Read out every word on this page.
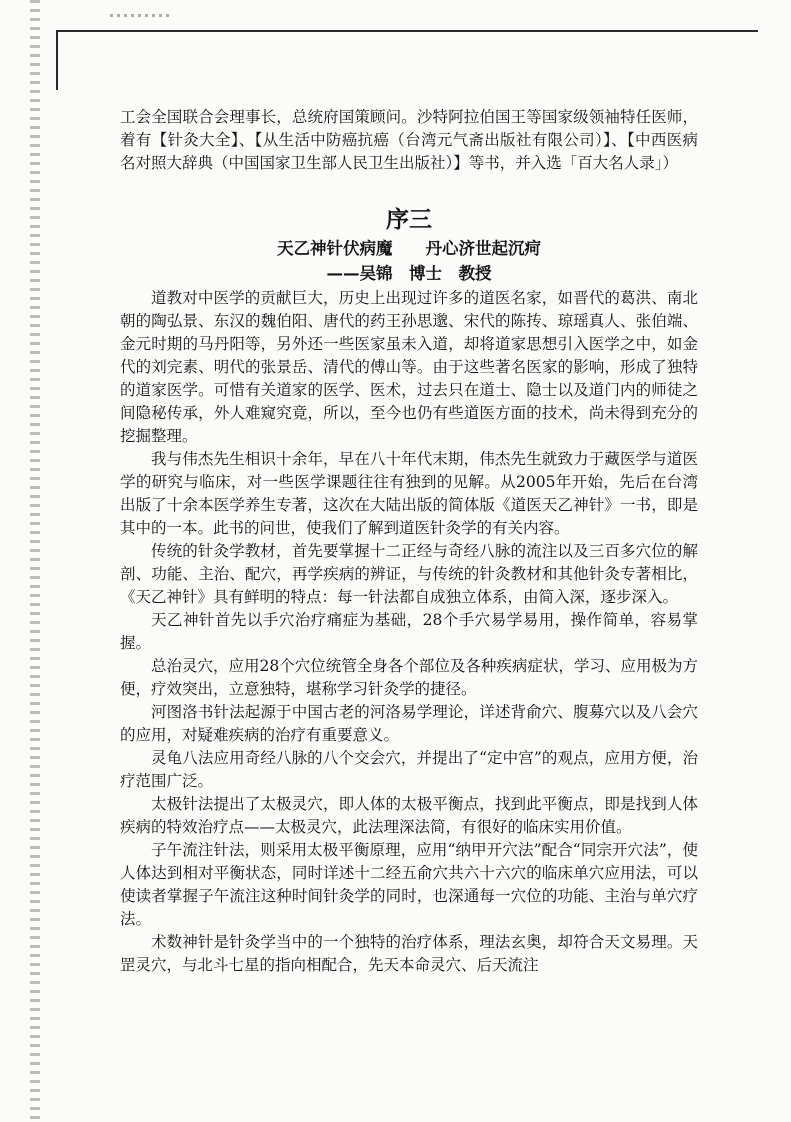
工会全国联合会理事长，总统府国策顾问。沙特阿拉伯国王等国家级领袖特任医师，着有【针灸大全】、【从生活中防癌抗癌（台湾元气斋出版社有限公司）】、【中西医病名对照大辞典（中国国家卫生部人民卫生出版社）】等书，并入选「百大名人录」）

序三
天乙神针伏病魔　　丹心济世起沉疴
——吴锦　博士　教授

道教对中医学的贡献巨大，历史上出现过许多的道医名家，如晋代的葛洪、南北朝的陶弘景、东汉的魏伯阳、唐代的药王孙思邈、宋代的陈抟、琼瑶真人、张伯端、金元时期的马丹阳等，另外还一些医家虽未入道，却将道家思想引入医学之中，如金代的刘完素、明代的张景岳、清代的傅山等。由于这些著名医家的影响，形成了独特的道家医学。可惜有关道家的医学、医术，过去只在道士、隐士以及道门内的师徒之间隐秘传承，外人难窥究竟，所以，至今也仍有些道医方面的技术，尚未得到充分的挖掘整理。

我与伟杰先生相识十余年，早在八十年代末期，伟杰先生就致力于藏医学与道医学的研究与临床，对一些医学课题往往有独到的见解。从2005年开始，先后在台湾出版了十余本医学养生专著，这次在大陆出版的简体版《道医天乙神针》一书，即是其中的一本。此书的问世，使我们了解到道医针灸学的有关内容。

传统的针灸学教材，首先要掌握十二正经与奇经八脉的流注以及三百多穴位的解剖、功能、主治、配穴，再学疾病的辨证，与传统的针灸教材和其他针灸专著相比，《天乙神针》具有鲜明的特点：每一针法都自成独立体系，由简入深，逐步深入。

天乙神针首先以手穴治疗痛症为基础，28个手穴易学易用，操作简单，容易掌握。

总治灵穴，应用28个穴位统管全身各个部位及各种疾病症状，学习、应用极为方便，疗效突出，立意独特，堪称学习针灸学的捷径。

河图洛书针法起源于中国古老的河洛易学理论，详述背俞穴、腹募穴以及八会穴的应用，对疑难疾病的治疗有重要意义。

灵龟八法应用奇经八脉的八个交会穴，并提出了“定中宫”的观点，应用方便，治疗范围广泛。

太极针法提出了太极灵穴，即人体的太极平衡点，找到此平衡点，即是找到人体疾病的特效治疗点——太极灵穴，此法理深法简，有很好的临床实用价值。

子午流注针法，则采用太极平衡原理，应用“纳甲开穴法”配合“同宗开穴法”，使人体达到相对平衡状态，同时详述十二经五俞穴共六十六穴的临床单穴应用法，可以使读者掌握子午流注这种时间针灸学的同时，也深通每一穴位的功能、主治与单穴疗法。

术数神针是针灸学当中的一个独特的治疗体系，理法玄奥，却符合天文易理。天罡灵穴，与北斗七星的指向相配合，先天本命灵穴、后天流注
